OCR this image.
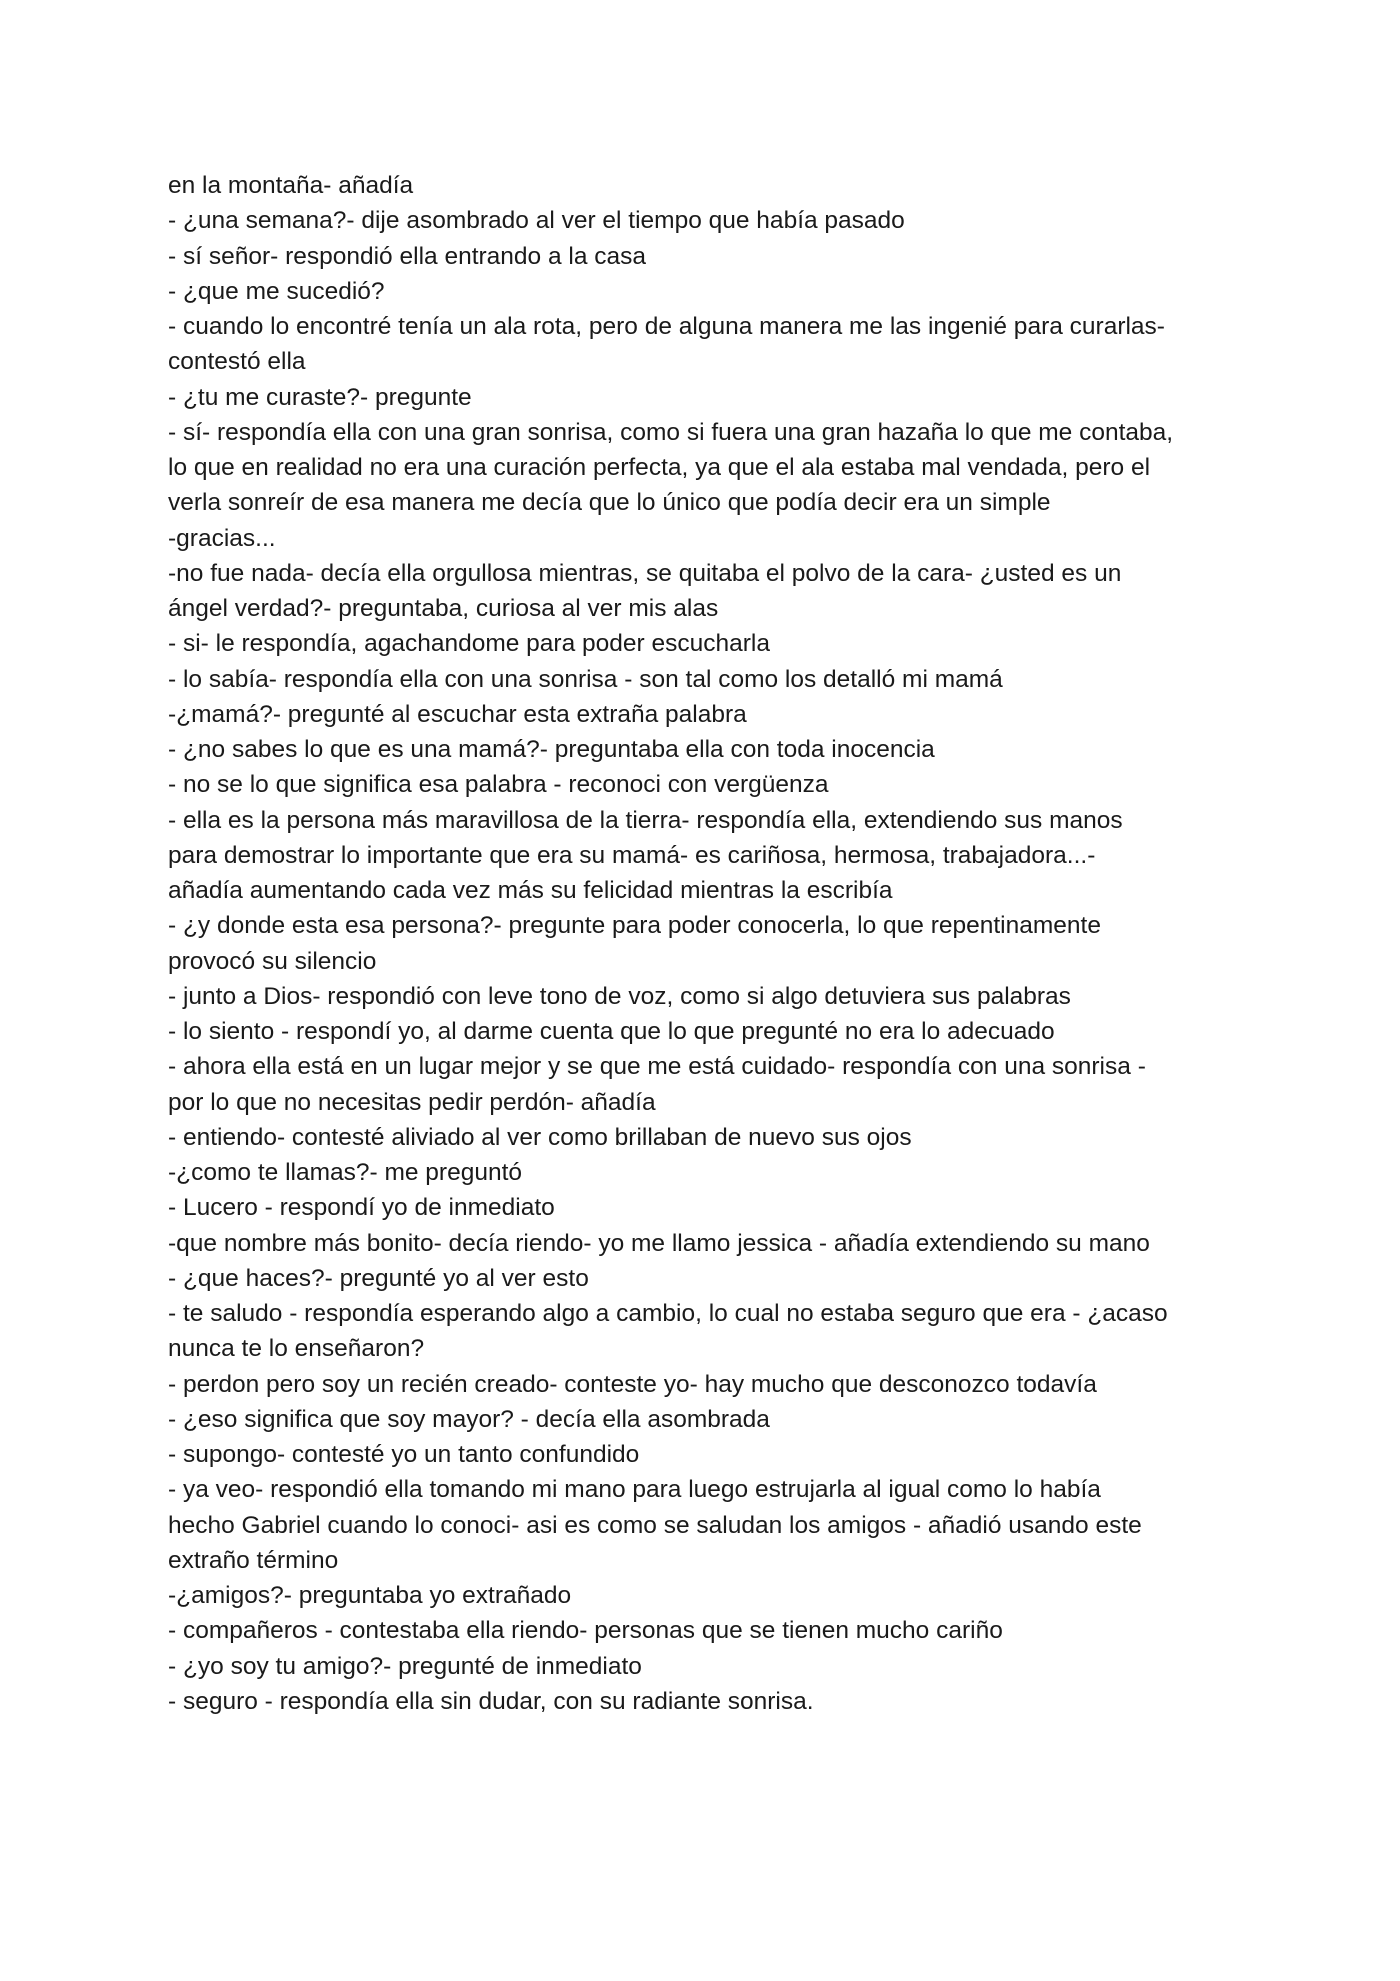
en la montaña- añadía

- ¿una semana?- dije asombrado al ver el tiempo que había pasado

- sí señor- respondió ella entrando a la casa

- ¿que me sucedió?

- cuando lo encontré tenía un ala rota, pero de alguna manera me las ingenié para curarlas-

contestó ella

- ¿tu me curaste?- pregunte

- sí- respondía ella con una gran sonrisa, como si fuera una gran hazaña lo que me contaba,

lo que en realidad no era una curación perfecta, ya que el ala estaba mal vendada, pero el

verla sonreír de esa manera me decía que lo único que podía decir era un simple

-gracias...

-no fue nada- decía ella orgullosa mientras, se quitaba el polvo de la cara- ¿usted es un

ángel verdad?- preguntaba, curiosa al ver mis alas

- si- le respondía, agachandome para poder escucharla

- lo sabía- respondía ella con una sonrisa - son tal como los detalló mi mamá

-¿mamá?- pregunté al escuchar esta extraña palabra

- ¿no sabes lo que es una mamá?- preguntaba ella con toda inocencia

- no se lo que significa esa palabra - reconoci con vergüenza

- ella es la persona más maravillosa de la tierra- respondía ella, extendiendo sus manos

para demostrar lo importante que era su mamá- es cariñosa, hermosa, trabajadora...-

añadía aumentando cada vez más su felicidad mientras la escribía

- ¿y donde esta esa persona?- pregunte para poder conocerla, lo que repentinamente

provocó su silencio

- junto a Dios- respondió con leve tono de voz, como si algo detuviera sus palabras

- lo siento - respondí yo, al darme cuenta que lo que pregunté no era lo adecuado

- ahora ella está en un lugar mejor y se que me está cuidado- respondía con una sonrisa -

por lo que no necesitas pedir perdón- añadía

- entiendo- contesté aliviado al ver como brillaban de nuevo sus ojos

-¿como te llamas?- me preguntó

- Lucero - respondí yo de inmediato

-que nombre más bonito- decía riendo- yo me llamo jessica - añadía extendiendo su mano

- ¿que haces?- pregunté yo al ver esto

- te saludo - respondía esperando algo a cambio, lo cual no estaba seguro que era - ¿acaso

nunca te lo enseñaron?

- perdon pero soy un recién creado- conteste yo- hay mucho que desconozco todavía

- ¿eso significa que soy mayor? - decía ella asombrada

- supongo- contesté yo un tanto confundido

- ya veo- respondió ella tomando mi mano para luego estrujarla al igual como lo había

hecho Gabriel cuando lo conoci- asi es como se saludan los amigos - añadió usando este

extraño término

-¿amigos?- preguntaba yo extrañado

- compañeros - contestaba ella riendo- personas que se tienen mucho cariño

- ¿yo soy tu amigo?- pregunté de inmediato

- seguro - respondía ella sin dudar, con su radiante sonrisa.
